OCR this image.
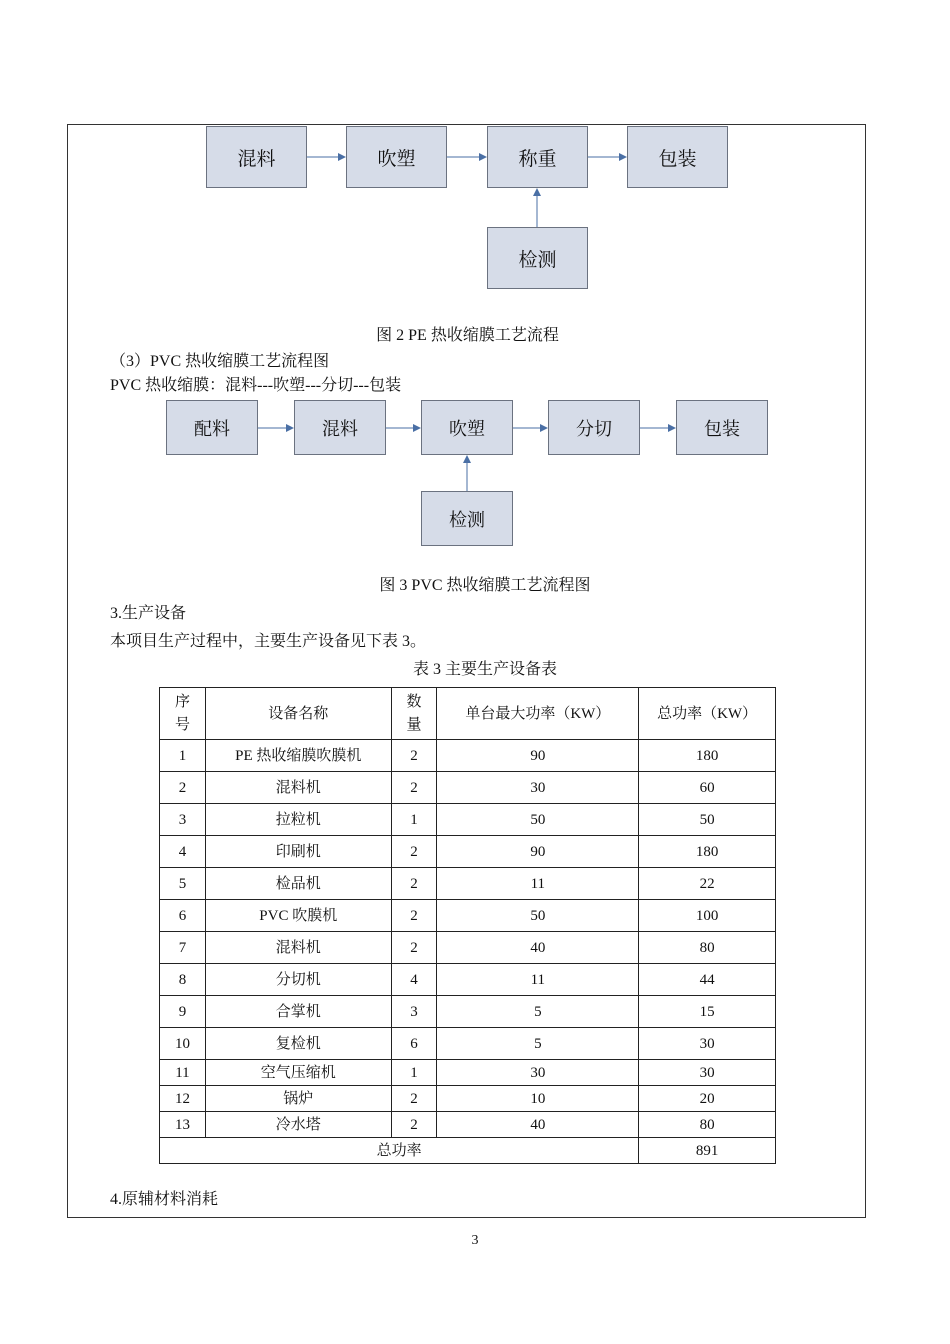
混料	吹塑	称重	包装
检测
图 2 PE 热收缩膜工艺流程
（3）PVC 热收缩膜工艺流程图
PVC 热收缩膜：混料---吹塑---分切---包装
配料	混料	吹塑	分切	包装
检测
图 3 PVC 热收缩膜工艺流程图
3.生产设备
本项目生产过程中，主要生产设备见下表 3。
表 3 主要生产设备表
序号	设备名称	数量	单台最大功率（KW）	总功率（KW）
1	PE 热收缩膜吹膜机	2	90	180
2	混料机	2	30	60
3	拉粒机	1	50	50
4	印刷机	2	90	180
5	检品机	2	11	22
6	PVC 吹膜机	2	50	100
7	混料机	2	40	80
8	分切机	4	11	44
9	合掌机	3	5	15
10	复检机	6	5	30
11	空气压缩机	1	30	30
12	锅炉	2	10	20
13	冷水塔	2	40	80
总功率				891
4.原辅材料消耗
3
